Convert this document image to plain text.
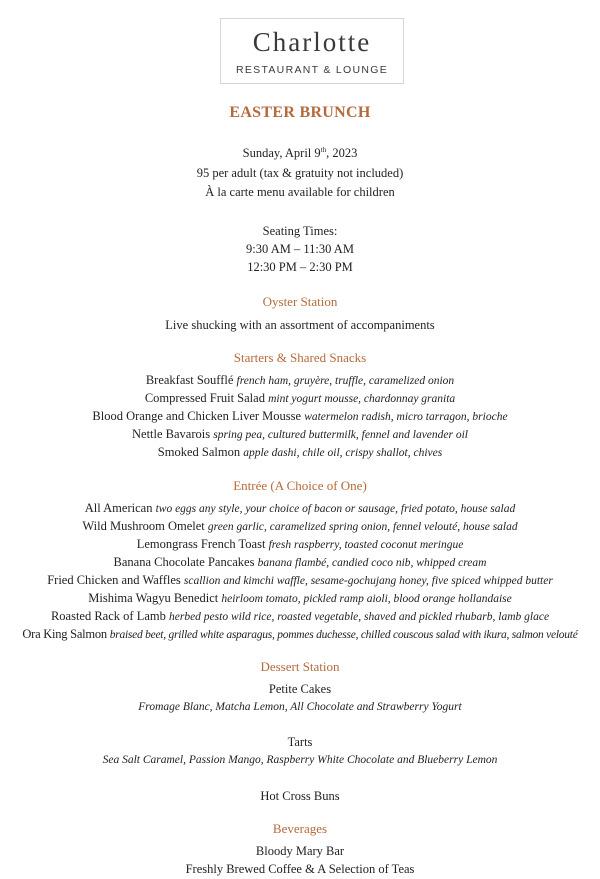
Charlotte
RESTAURANT & LOUNGE
EASTER BRUNCH
Sunday, April 9th, 2023
95 per adult (tax & gratuity not included)
À la carte menu available for children
Seating Times:
9:30 AM – 11:30 AM
12:30 PM – 2:30 PM
Oyster Station
Live shucking with an assortment of accompaniments
Starters & Shared Snacks
Breakfast Soufflé french ham, gruyère, truffle, caramelized onion
Compressed Fruit Salad mint yogurt mousse, chardonnay granita
Blood Orange and Chicken Liver Mousse watermelon radish, micro tarragon, brioche
Nettle Bavarois spring pea, cultured buttermilk, fennel and lavender oil
Smoked Salmon apple dashi, chile oil, crispy shallot, chives
Entrée (A Choice of One)
All American two eggs any style, your choice of bacon or sausage, fried potato, house salad
Wild Mushroom Omelet green garlic, caramelized spring onion, fennel velouté, house salad
Lemongrass French Toast fresh raspberry, toasted coconut meringue
Banana Chocolate Pancakes banana flambé, candied coco nib, whipped cream
Fried Chicken and Waffles scallion and kimchi waffle, sesame-gochujang honey, five spiced whipped butter
Mishima Wagyu Benedict heirloom tomato, pickled ramp aioli, blood orange hollandaise
Roasted Rack of Lamb herbed pesto wild rice, roasted vegetable, shaved and pickled rhubarb, lamb glace
Ora King Salmon braised beet, grilled white asparagus, pommes duchesse, chilled couscous salad with ikura, salmon velouté
Dessert Station
Petite Cakes
Fromage Blanc, Matcha Lemon, All Chocolate and Strawberry Yogurt
Tarts
Sea Salt Caramel, Passion Mango, Raspberry White Chocolate and Blueberry Lemon
Hot Cross Buns
Beverages
Bloody Mary Bar
Freshly Brewed Coffee & A Selection of Teas
